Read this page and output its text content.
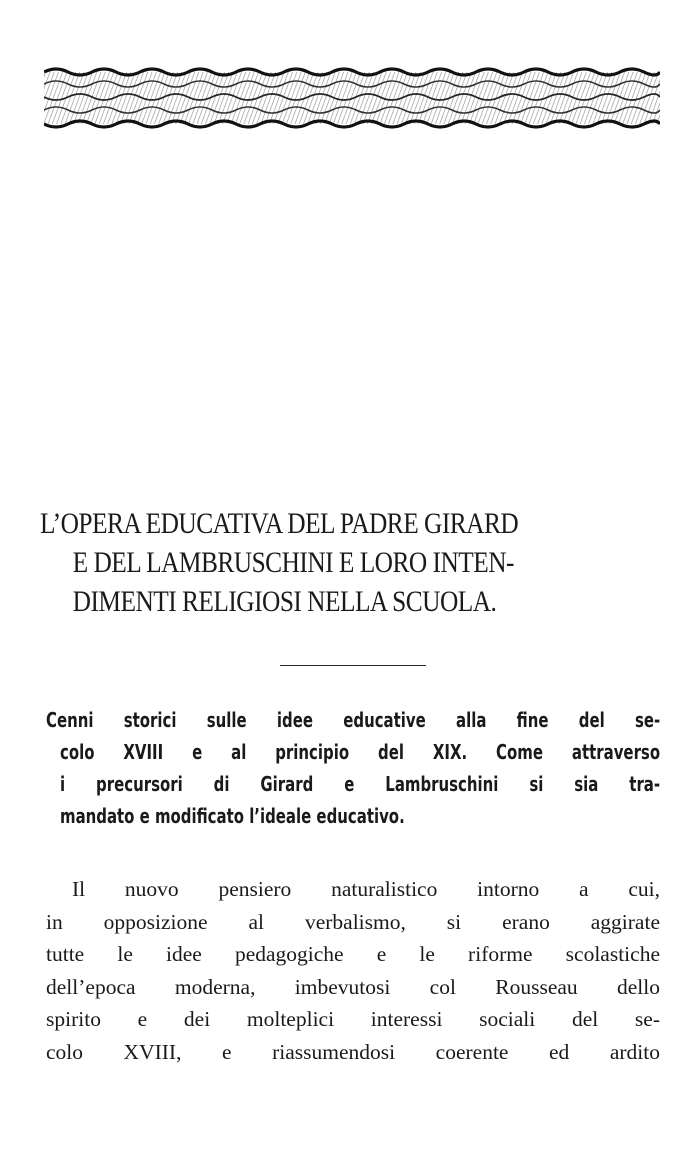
L’OPERA EDUCATIVA DEL PADRE GIRARD
E DEL LAMBRUSCHINI E LORO INTEN-
DIMENTI RELIGIOSI NELLA SCUOLA.
Cenni storici sulle idee educative alla fine del se-
colo XVIII e al principio del XIX. Come attraverso
i precursori di Girard e Lambruschini si sia tra-
mandato e modificato l’ideale educativo.
Il nuovo pensiero naturalistico intorno a cui,
in opposizione al verbalismo, si erano aggirate
tutte le idee pedagogiche e le riforme scolastiche
dell’epoca moderna, imbevutosi col Rousseau dello
spirito e dei molteplici interessi sociali del se-
colo XVIII, e riassumendosi coerente ed ardito
